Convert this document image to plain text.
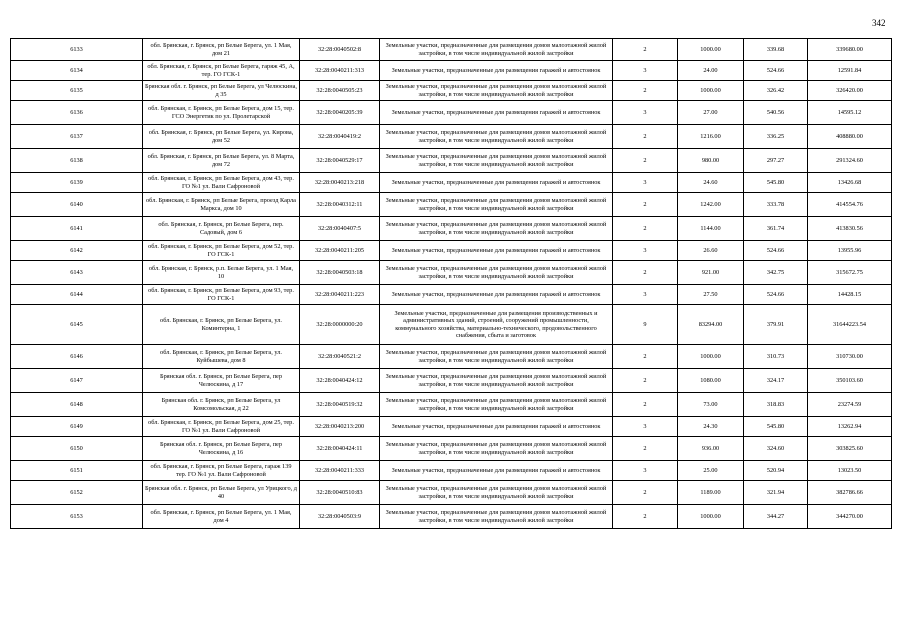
342
6133	обл. Брянская, г. Брянск, рп Белые Берега, ул. 1 Мая, дом 21	32:28:0040502:8	Земельные участки, предназначенные для размещения домов малоэтажной жилой застройки, в том числе индивидуальной жилой застройки	2	1000.00	339.68	339680.00
6134	обл. Брянская, г. Брянск, рп Белые Берега, гаряж 45, А, тер. ГО ГСК-1	32:28:0040211:313	Земельные участки, предназначенные для размещения гаражей и автостоянок	3	24.00	524.66	12591.84
6135	Брянская обл. г. Брянск, рп Белые Берега, ул Челюскина, д 35	32:28:0040505:23	Земельные участки, предназначенные для размещения домов малоэтажной жилой застройки, в том числе индивидуальной жилой застройки	2	1000.00	326.42	326420.00
6136	обл. Брянская, г. Брянск, рп Белые Берега, дом 15, тер. ГСО Энергетик по ул. Пролетарской	32:28:0040205:39	Земельные участки, предназначенные для размещения гаражей и автостоянок	3	27.00	540.56	14595.12
6137	обл. Брянская, г. Брянск, рп Белые Берега, ул. Кирова, дом 52	32:28:0040419:2	Земельные участки, предназначенные для размещения домов малоэтажной жилой застройки, в том числе индивидуальной жилой застройки	2	1216.00	336.25	408880.00
6138	обл. Брянская, г. Брянск, рп Белые Берега, ул. 8 Марта, дом 72	32:28:0040529:17	Земельные участки, предназначенные для размещения домов малоэтажной жилой застройки, в том числе индивидуальной жилой застройки	2	980.00	297.27	291324.60
6139	обл. Брянская, г. Брянск, рп Белые Берега, дом 43, тер. ГО №1 ул. Вали Сафроновой	32:28:0040213:218	Земельные участки, предназначенные для размещения гаражей и автостоянок	3	24.60	545.80	13426.68
6140	обл. Брянская, г. Брянск, рп Белые Берега, проезд Карла Маркса, дом 10	32:28:0040312:11	Земельные участки, предназначенные для размещения домов малоэтажной жилой застройки, в том числе индивидуальной жилой застройки	2	1242.00	333.78	414554.76
6141	обл. Брянская, г. Брянск, рп Белые Берега, пер. Садовый, дом 6	32:28:0040407:5	Земельные участки, предназначенные для размещения домов малоэтажной жилой застройки, в том числе индивидуальной жилой застройки	2	1144.00	361.74	413830.56
6142	обл. Брянская, г. Брянск, рп Белые Берега, дом 52, тер. ГО ГСК-1	32:28:0040211:205	Земельные участки, предназначенные для размещения гаражей и автостоянок	3	26.60	524.66	13955.96
6143	обл. Брянская, г. Брянск, р.п. Белые Берега, ул. 1 Мая, 10	32:28:0040503:18	Земельные участки, предназначенные для размещения домов малоэтажной жилой застройки, в том числе индивидуальной жилой застройки	2	921.00	342.75	315672.75
6144	обл. Брянская, г. Брянск, рп Белые Берега, дом 93, тер. ГО ГСК-1	32:28:0040211:223	Земельные участки, предназначенные для размещения гаражей и автостоянок	3	27.50	524.66	14428.15
6145	обл. Брянская, г. Брянск, рп Белые Берега, ул. Коминтерна, 1	32:28:0000000:20	Земельные участки, предназначенные для размещения производственных и административных зданий, строений, сооружений промышленности, коммунального хозяйства, материально-технического, продовольственного снабжения, сбыта и заготовок	9	83294.00	379.91	31644223.54
6146	обл. Брянская, г. Брянск, рп Белые Берега, ул. Куйбышева, дом 8	32:28:0040521:2	Земельные участки, предназначенные для размещения домов малоэтажной жилой застройки, в том числе индивидуальной жилой застройки	2	1000.00	310.73	310730.00
6147	Брянская обл. г. Брянск, рп Белые Берега, пер Челюскина, д 17	32:28:0040424:12	Земельные участки, предназначенные для размещения домов малоэтажной жилой застройки, в том числе индивидуальной жилой застройки	2	1080.00	324.17	350103.60
6148	Брянская обл. г. Брянск, рп Белые Берега, ул Комсомольская, д 22	32:28:0040519:32	Земельные участки, предназначенные для размещения домов малоэтажной жилой застройки, в том числе индивидуальной жилой застройки	2	73.00	318.83	23274.59
6149	обл. Брянская, г. Брянск, рп Белые Берега, дом 25, тер. ГО №1 ул. Вали Сафроновой	32:28:0040213:200	Земельные участки, предназначенные для размещения гаражей и автостоянок	3	24.30	545.80	13262.94
6150	Брянская обл. г. Брянск, рп Белые Берега, пер Челюскина, д 16	32:28:0040424:11	Земельные участки, предназначенные для размещения домов малоэтажной жилой застройки, в том числе индивидуальной жилой застройки	2	936.00	324.60	303825.60
6151	обл. Брянская, г. Брянск, рп Белые Берега, гараж 139 тер. ГО №1 ул. Вали Сафроновой	32:28:0040211:333	Земельные участки, предназначенные для размещения гаражей и автостоянок	3	25.00	520.94	13023.50
6152	Брянская обл. г. Брянск, рп Белые Берега, ул Урицкого, д 40	32:28:0040510:83	Земельные участки, предназначенные для размещения домов малоэтажной жилой застройки, в том числе индивидуальной жилой застройки	2	1189.00	321.94	382786.66
6153	обл. Брянская, г. Брянск, рп Белые Берега, ул. 1 Мая, дом 4	32:28:0040503:9	Земельные участки, предназначенные для размещения домов малоэтажной жилой застройки, в том числе индивидуальной жилой застройки	2	1000.00	344.27	344270.00
